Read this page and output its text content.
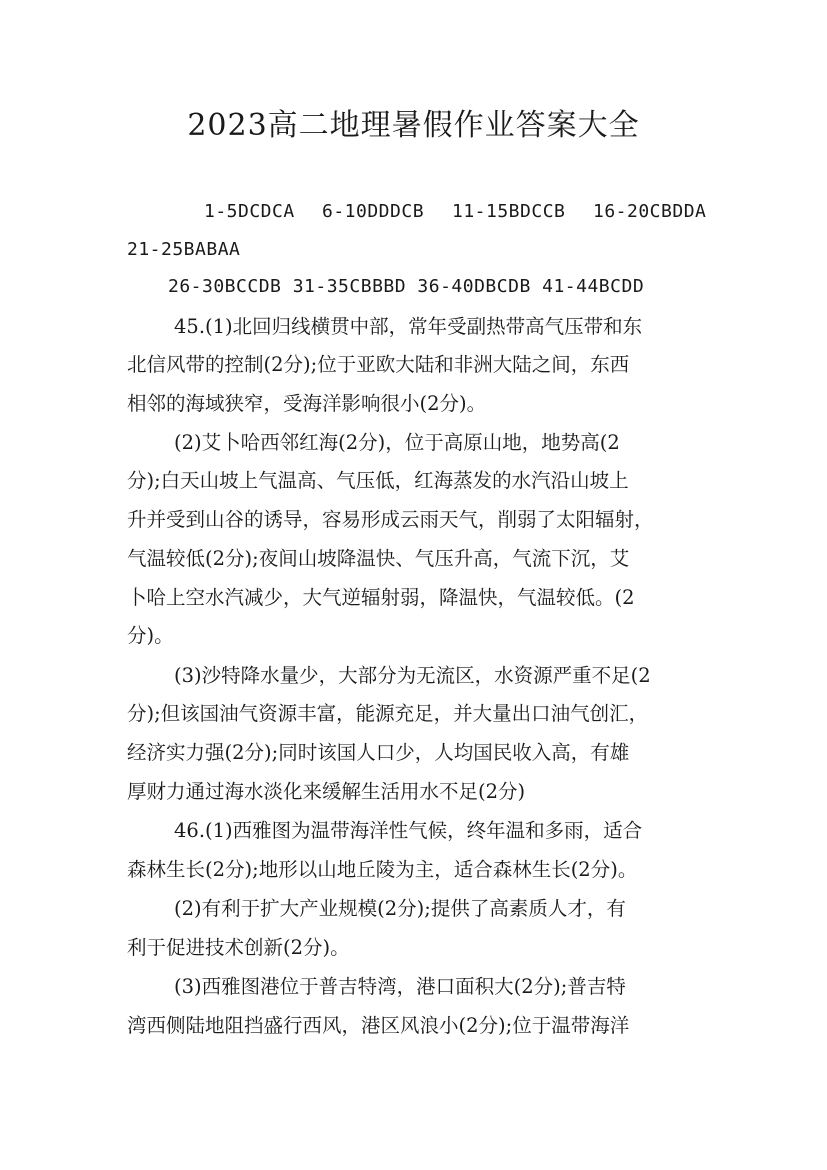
2023高二地理暑假作业答案大全
1-5DCDCA 6-10DDDCB 11-15BDCCB 16-20CBDDA
21-25BABAA
26-30BCCDB 31-35CBBBD 36-40DBCDB 41-44BCDD
45.(1)北回归线横贯中部，常年受副热带高气压带和东
北信风带的控制(2分);位于亚欧大陆和非洲大陆之间，东西
相邻的海域狭窄，受海洋影响很小(2分)。
(2)艾卜哈西邻红海(2分)，位于高原山地，地势高(2
分);白天山坡上气温高、气压低，红海蒸发的水汽沿山坡上
升并受到山谷的诱导，容易形成云雨天气，削弱了太阳辐射，
气温较低(2分);夜间山坡降温快、气压升高，气流下沉，艾
卜哈上空水汽减少，大气逆辐射弱，降温快，气温较低。(2
分)。
(3)沙特降水量少，大部分为无流区，水资源严重不足(2
分);但该国油气资源丰富，能源充足，并大量出口油气创汇，
经济实力强(2分);同时该国人口少，人均国民收入高，有雄
厚财力通过海水淡化来缓解生活用水不足(2分)
46.(1)西雅图为温带海洋性气候，终年温和多雨，适合
森林生长(2分);地形以山地丘陵为主，适合森林生长(2分)。
(2)有利于扩大产业规模(2分);提供了高素质人才，有
利于促进技术创新(2分)。
(3)西雅图港位于普吉特湾，港口面积大(2分);普吉特
湾西侧陆地阻挡盛行西风，港区风浪小(2分);位于温带海洋
